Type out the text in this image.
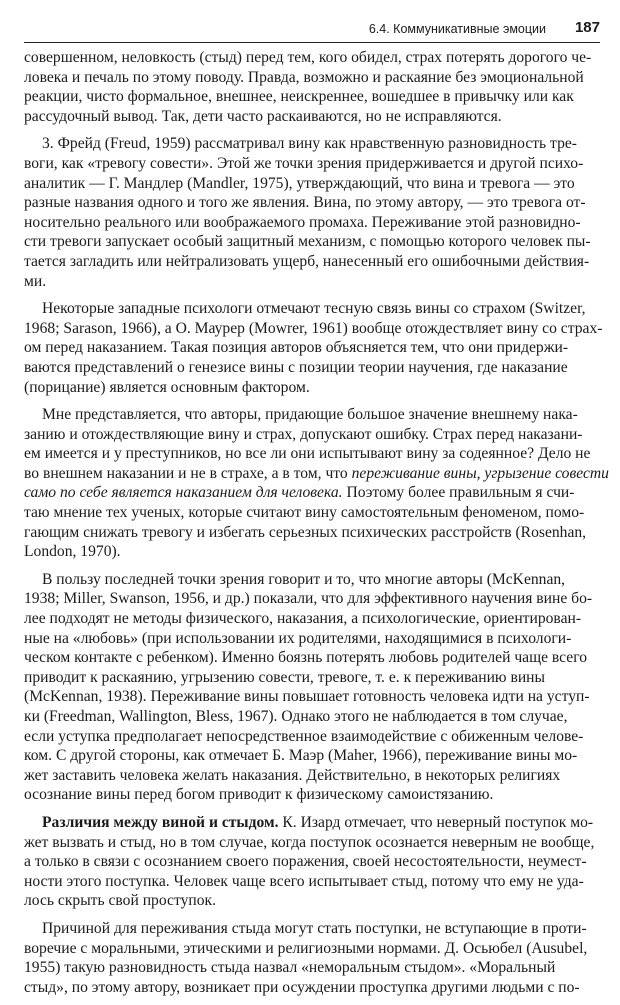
6.4. Коммуникативные эмоции 187

совершенном, неловкость (стыд) перед тем, кого обидел, страх потерять дорогого че-
ловека и печаль по этому поводу. Правда, возможно и раскаяние без эмоциональной
реакции, чисто формальное, внешнее, неискреннее, вошедшее в привычку или как
рассудочный вывод. Так, дети часто раскаиваются, но не исправляются.

3. Фрейд (Freud, 1959) рассматривал вину как нравственную разновидность тре-
воги, как «тревогу совести». Этой же точки зрения придерживается и другой психо-
аналитик — Г. Мандлер (Mandler, 1975), утверждающий, что вина и тревога — это
разные названия одного и того же явления. Вина, по этому автору, — это тревога от-
носительно реального или воображаемого промаха. Переживание этой разновидно-
сти тревоги запускает особый защитный механизм, с помощью которого человек пы-
тается загладить или нейтрализовать ущерб, нанесенный его ошибочными действия-
ми.

Некоторые западные психологи отмечают тесную связь вины со страхом (Switzer,
1968; Sarason, 1966), а О. Маурер (Mowrer, 1961) вообще отождествляет вину со страх-
ом перед наказанием. Такая позиция авторов объясняется тем, что они придержи-
ваются представлений о генезисе вины с позиции теории научения, где наказание
(порицание) является основным фактором.

Мне представляется, что авторы, придающие большое значение внешнему нака-
занию и отождествляющие вину и страх, допускают ошибку. Страх перед наказани-
ем имеется и у преступников, но все ли они испытывают вину за содеянное? Дело не
во внешнем наказании и не в страхе, а в том, что переживание вины, угрызение совести
само по себе является наказанием для человека. Поэтому более правильным я счи-
таю мнение тех ученых, которые считают вину самостоятельным феноменом, помо-
гающим снижать тревогу и избегать серьезных психических расстройств (Rosenhan,
London, 1970).

В пользу последней точки зрения говорит и то, что многие авторы (McKennan,
1938; Miller, Swanson, 1956, и др.) показали, что для эффективного научения вине бо-
лее подходят не методы физического, наказания, а психологические, ориентирован-
ные на «любовь» (при использовании их родителями, находящимися в психологи-
ческом контакте с ребенком). Именно боязнь потерять любовь родителей чаще всего
приводит к раскаянию, угрызению совести, тревоге, т. е. к переживанию вины
(McKennan, 1938). Переживание вины повышает готовность человека идти на уступ-
ки (Freedman, Wallington, Bless, 1967). Однако этого не наблюдается в том случае,
если уступка предполагает непосредственное взаимодействие с обиженным челове-
ком. С другой стороны, как отмечает Б. Маэр (Maher, 1966), переживание вины мо-
жет заставить человека желать наказания. Действительно, в некоторых религиях
осознание вины перед богом приводит к физическому самоистязанию.

Различия между виной и стыдом. К. Изард отмечает, что неверный поступок мо-
жет вызвать и стыд, но в том случае, когда поступок осознается неверным не вообще,
а только в связи с осознанием своего поражения, своей несостоятельности, неумест-
ности этого поступка. Человек чаще всего испытывает стыд, потому что ему не уда-
лось скрыть свой проступок.

Причиной для переживания стыда могут стать поступки, не вступающие в проти-
воречие с моральными, этическими и религиозными нормами. Д. Осьюбел (Ausubel,
1955) такую разновидность стыда назвал «неморальным стыдом». «Моральный
стыд», по этому автору, возникает при осуждении проступка другими людьми с по-
